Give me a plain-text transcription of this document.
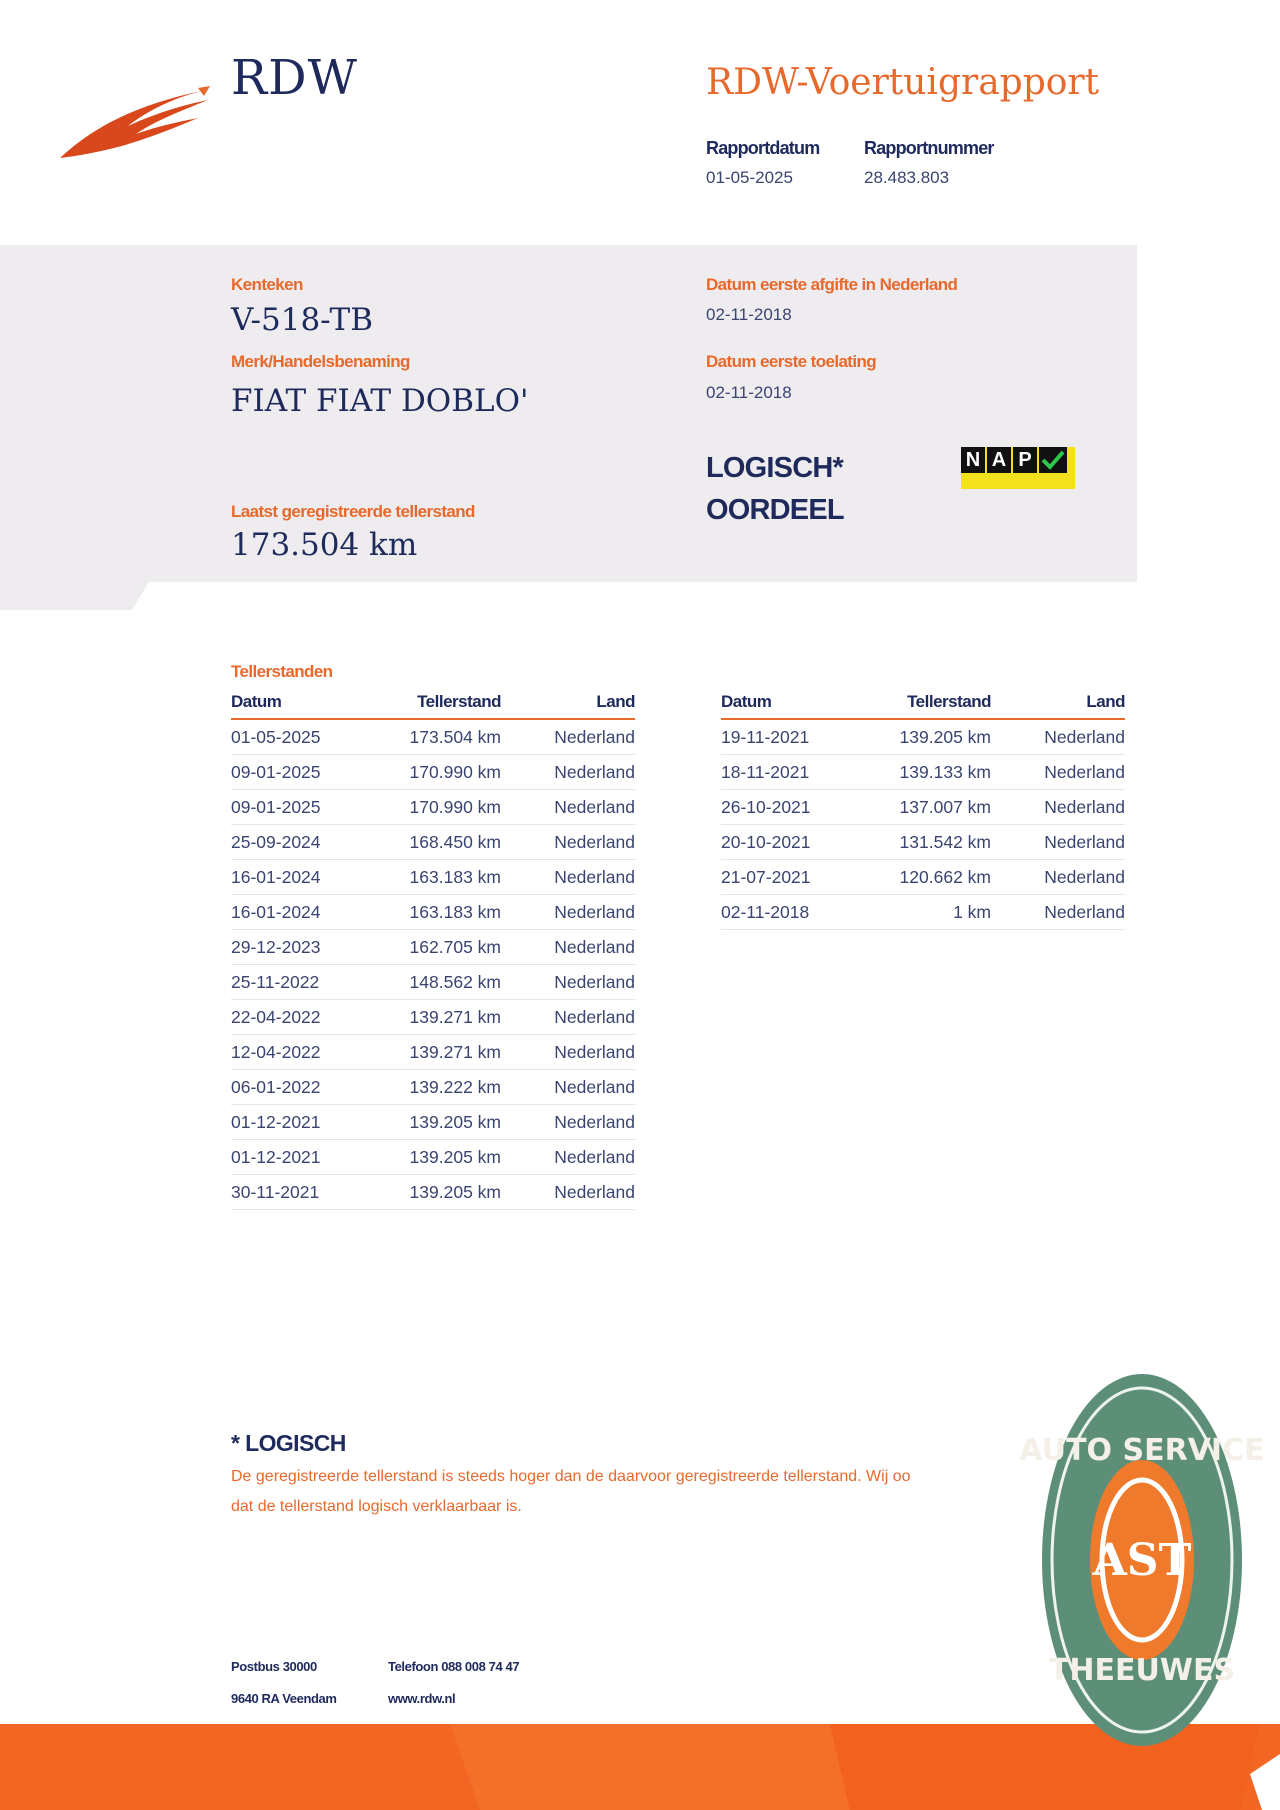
RDW	RDW-Voertuigrapport
Rapportdatum
01-05-2025
Rapportnummer
28.483.803
Kenteken
V-518-TB
Merk/Handelsbenaming
FIAT FIAT DOBLO'
Laatst geregistreerde tellerstand
173.504 km
Datum eerste afgifte in Nederland
02-11-2018
Datum eerste toelating
02-11-2018
LOGISCH*
OORDEEL
N A P
Tellerstanden
Datum	Tellerstand	Land
01-05-2025	173.504 km	Nederland
09-01-2025	170.990 km	Nederland
09-01-2025	170.990 km	Nederland
25-09-2024	168.450 km	Nederland
16-01-2024	163.183 km	Nederland
16-01-2024	163.183 km	Nederland
29-12-2023	162.705 km	Nederland
25-11-2022	148.562 km	Nederland
22-04-2022	139.271 km	Nederland
12-04-2022	139.271 km	Nederland
06-01-2022	139.222 km	Nederland
01-12-2021	139.205 km	Nederland
01-12-2021	139.205 km	Nederland
30-11-2021	139.205 km	Nederland
Datum	Tellerstand	Land
19-11-2021	139.205 km	Nederland
18-11-2021	139.133 km	Nederland
26-10-2021	137.007 km	Nederland
20-10-2021	131.542 km	Nederland
21-07-2021	120.662 km	Nederland
02-11-2018	1 km	Nederland
* LOGISCH
De geregistreerde tellerstand is steeds hoger dan de daarvoor geregistreerde tellerstand. Wij oo
dat de tellerstand logisch verklaarbaar is.
Postbus 30000
9640 RA Veendam
Telefoon 088 008 74 47
www.rdw.nl
AUTO SERVICE
AST
THEEUWES
